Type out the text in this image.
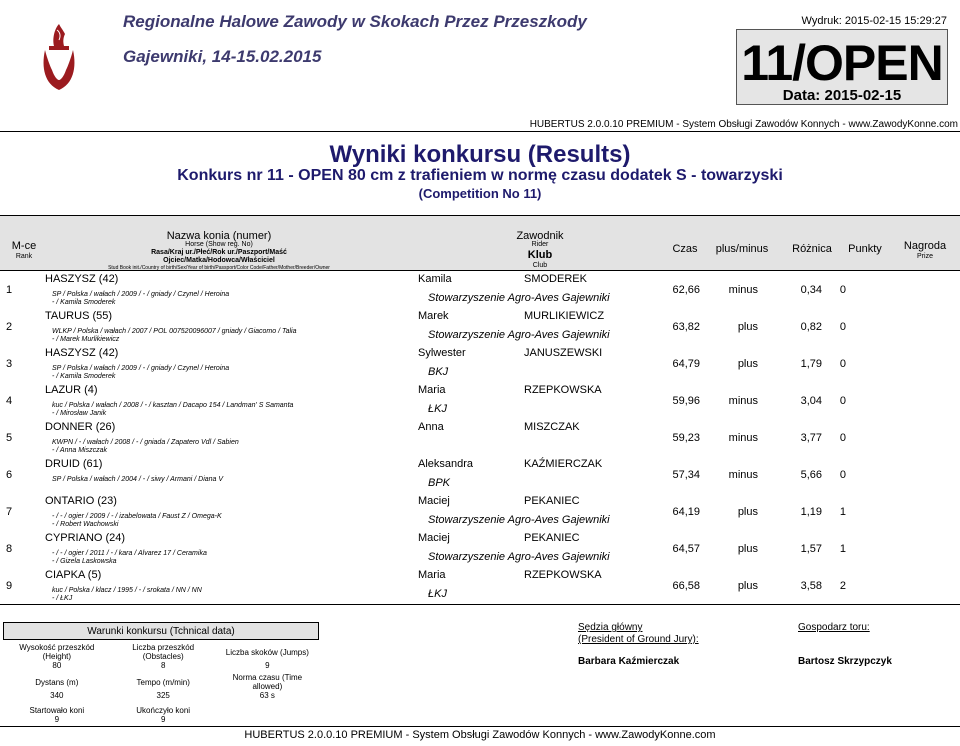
Regionalne Halowe Zawody w Skokach Przez Przeszkody
Gajewniki, 14-15.02.2015
Wydruk: 2015-02-15 15:29:27
11/OPEN
Data: 2015-02-15
HUBERTUS 2.0.0.10 PREMIUM - System Obsługi Zawodów Konnych - www.ZawodyKonne.com
Wyniki konkursu (Results)
Konkurs nr 11 - OPEN 80 cm z trafieniem w normę czasu dodatek S - towarzyski
(Competition No 11)
M-ce
Rank
Nazwa konia (numer)
Horse (Show reg. No)
Rasa/Kraj ur./Płeć/Rok ur./Paszport/Maść
Ojciec/Matka/Hodowca/Właściciel
Stud Book init./Country of birth/Sex/Year of birth/Passport/Color Code/Father/Mother/Breeder/Owner
Zawodnik
Rider
Klub
Club
Czas	plus/minus	Różnica	Punkty	Nagroda
Prize
1
HASZYSZ (42)
SP / Polska / wałach / 2009 / - / gniady / Czynel / Heroina
- / Kamila Smoderek
Kamila	SMODEREK
Stowarzyszenie Agro-Aves Gajewniki
62,66	minus	0,34	0
2
TAURUS (55)
WLKP / Polska / wałach / 2007 / POL 007520096007 / gniady / Giacomo / Talia
- / Marek Murlikiewicz
Marek	MURLIKIEWICZ
Stowarzyszenie Agro-Aves Gajewniki
63,82	plus	0,82	0
3
HASZYSZ (42)
SP / Polska / wałach / 2009 / - / gniady / Czynel / Heroina
- / Kamila Smoderek
Sylwester	JANUSZEWSKI
BKJ
64,79	plus	1,79	0
4
LAZUR (4)
kuc / Polska / wałach / 2008 / - / kasztan / Dacapo 154 / Landman' S Samanta
- / Mirosław Janik
Maria	RZEPKOWSKA
ŁKJ
59,96	minus	3,04	0
5
DONNER (26)
KWPN / - / wałach / 2008 / - / gniada / Zapatero Vdl / Sabien
- / Anna Miszczak
Anna	MISZCZAK
59,23	minus	3,77	0
6
DRUID (61)
SP / Polska / wałach / 2004 / - / siwy / Armani / Diana V
Aleksandra	KAŹMIERCZAK
BPK
57,34	minus	5,66	0
7
ONTARIO (23)
- / - / ogier / 2009 / - / izabelowata / Faust Z / Omega-K
- / Robert Wachowski
Maciej	PEKANIEC
Stowarzyszenie Agro-Aves Gajewniki
64,19	plus	1,19	1
8
CYPRIANO (24)
- / - / ogier / 2011 / - / kara / Alvarez 17 / Ceramika
- / Gizela Laskowska
Maciej	PEKANIEC
Stowarzyszenie Agro-Aves Gajewniki
64,57	plus	1,57	1
9
CIAPKA (5)
kuc / Polska / klacz / 1995 / - / srokata / NN / NN
- / ŁKJ
Maria	RZEPKOWSKA
ŁKJ
66,58	plus	3,58	2
Warunki konkursu (Tchnical data)		
Wysokość przeszkód (Height)	Liczba przeszkód (Obstacles)	Liczba skoków (Jumps)
80	8	9
Dystans (m)	Tempo (m/min)	Norma czasu (Time allowed)
340	325	63 s
Startowało koni	Ukończyło koni	
9	9	
Sędzia główny
(President of Ground Jury):
Barbara Kaźmierczak
Gospodarz toru:
Bartosz Skrzypczyk
HUBERTUS 2.0.0.10 PREMIUM - System Obsługi Zawodów Konnych - www.ZawodyKonne.com
